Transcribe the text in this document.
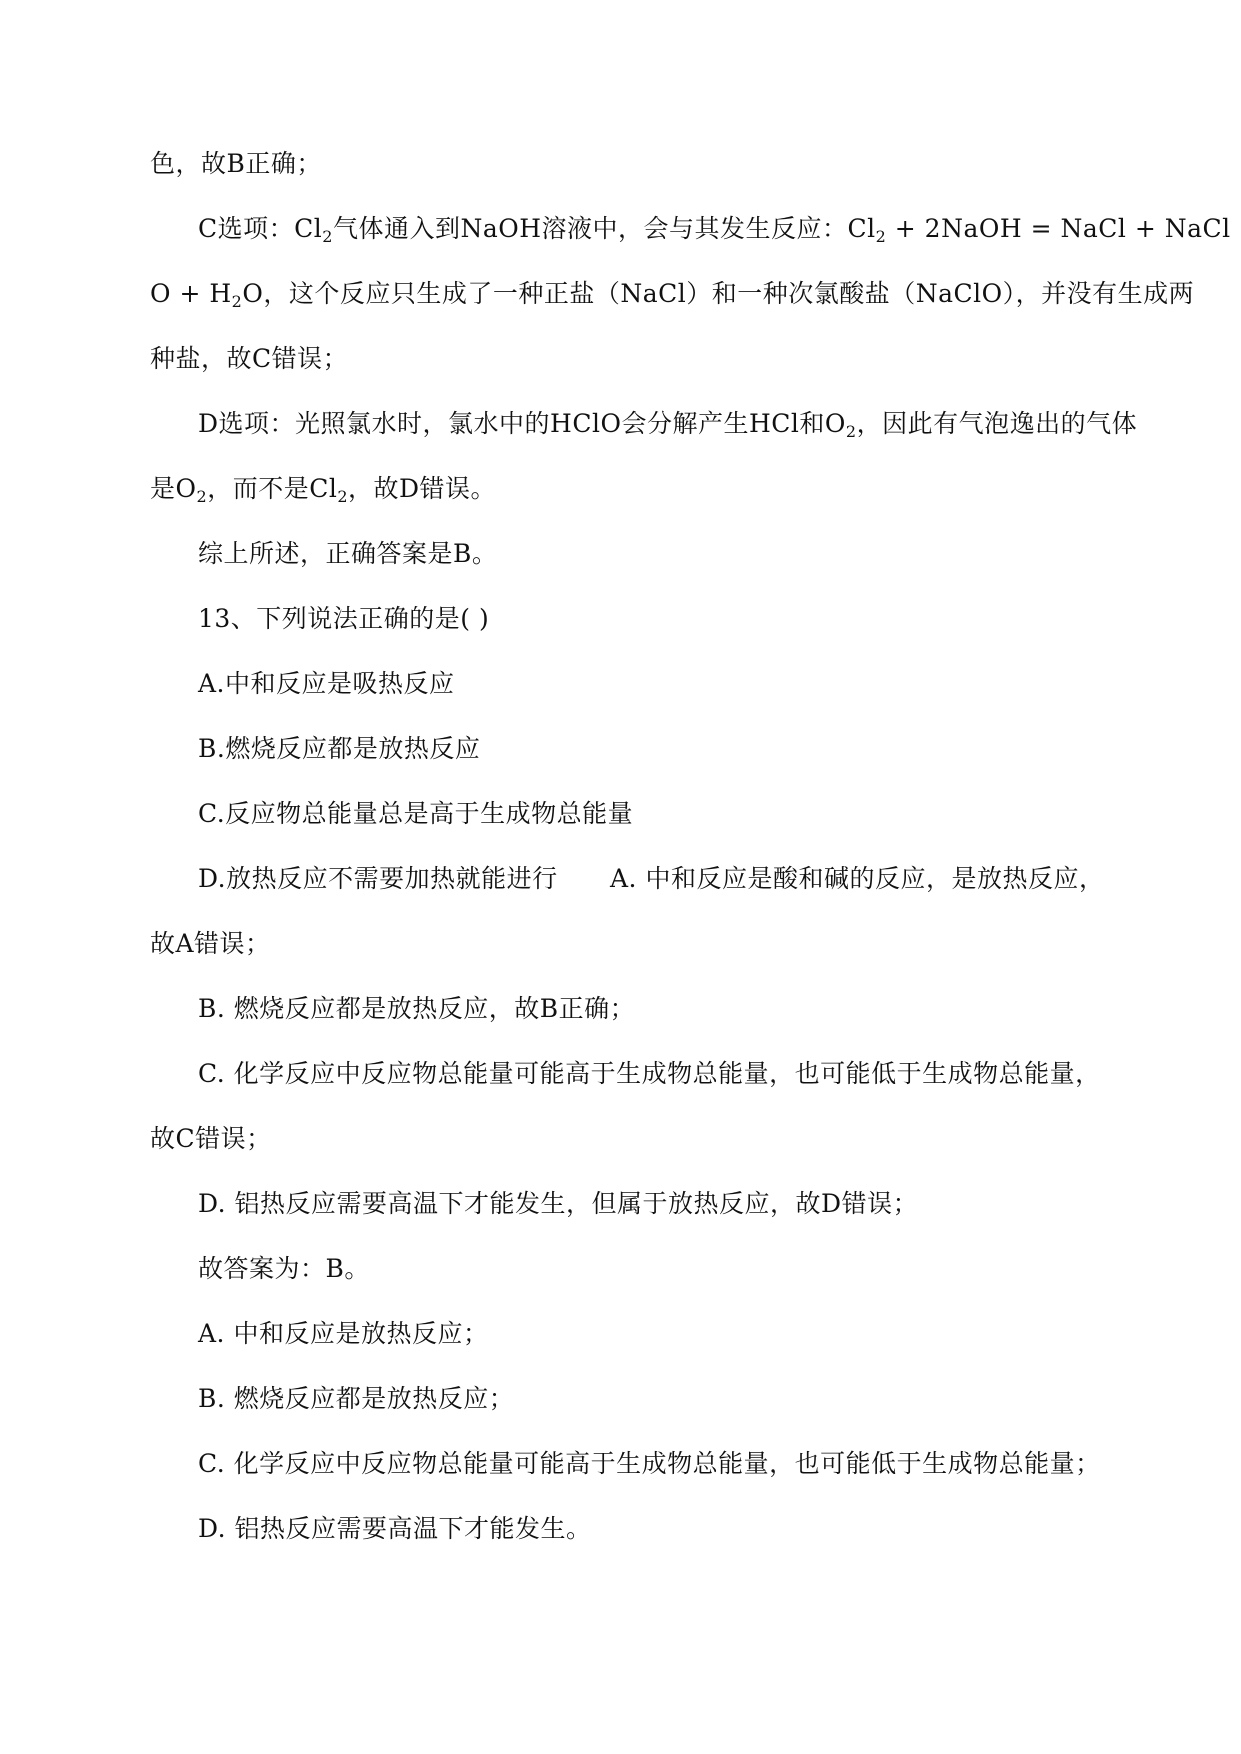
色，故B正确；
C选项：$Cl_2$气体通入到NaOH溶液中，会与其发生反应：$Cl_2$ + 2NaOH = NaCl + NaCl
$O + H_2O$，这个反应只生成了一种正盐（NaCl）和一种次氯酸盐（NaClO），并没有生成两
种盐，故C错误；
D选项：光照氯水时，氯水中的HClO会分解产生HCl和$O_2$，因此有气泡逸出的气体
是$O_2$，而不是$Cl_2$，故D错误。
综上所述，正确答案是B。
13、下列说法正确的是( )
A.中和反应是吸热反应
B.燃烧反应都是放热反应
C.反应物总能量总是高于生成物总能量
D.放热反应不需要加热就能进行 A. 中和反应是酸和碱的反应，是放热反应，
故A错误；
B. 燃烧反应都是放热反应，故B正确；
C. 化学反应中反应物总能量可能高于生成物总能量，也可能低于生成物总能量，
故C错误；
D. 铝热反应需要高温下才能发生，但属于放热反应，故D错误；
故答案为：B。
A. 中和反应是放热反应；
B. 燃烧反应都是放热反应；
C. 化学反应中反应物总能量可能高于生成物总能量，也可能低于生成物总能量；
D. 铝热反应需要高温下才能发生。
